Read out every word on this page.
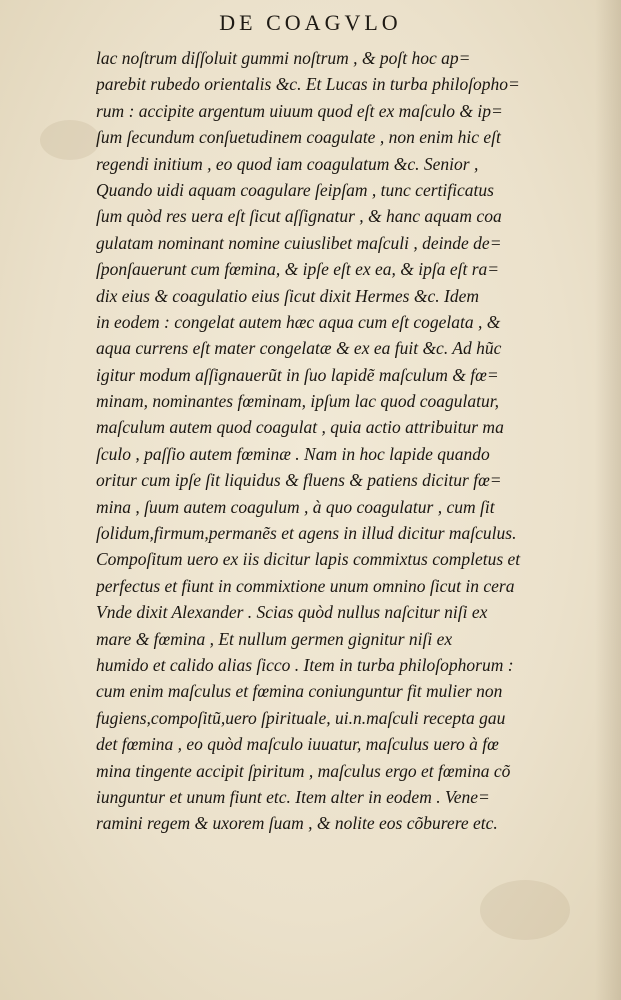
DE COAGVLO
lac noſtrum diſſoluit gummi noſtrum , & poſt hoc ap=
parebit rubedo orientalis &c. Et Lucas in turba philoſopho=
rum : accipite argentum uiuum quod eſt ex maſculo & ip=
ſum ſecundum conſuetudinem coagulate , non enim hic eſt
regendi initium , eo quod iam coagulatum &c. Senior ,
Quando uidi aquam coagulare ſeipſam , tunc certificatus
ſum quòd res uera eſt ſicut aſſignatur , & hanc aquam coa
gulatam nominant nomine cuiuslibet maſculi , deinde de=
ſponſauerunt cum fœmina, & ipſe eſt ex ea, & ipſa eſt ra=
dix eius & coagulatio eius ſicut dixit Hermes &c. Idem
in eodem : congelat autem hæc aqua cum eſt cogelata , &
aqua currens eſt mater congelatæ & ex ea fuit &c. Ad hũc
igitur modum aſſignauerũt in ſuo lapidẽ maſculum & fœ=
minam, nominantes fœminam, ipſum lac quod coagulatur,
maſculum autem quod coagulat , quia actio attribuitur ma
ſculo , paſſio autem fœminæ . Nam in hoc lapide quando
oritur cum ipſe ſit liquidus & fluens & patiens dicitur fœ=
mina , ſuum autem coagulum , à quo coagulatur , cum ſit
ſolidum,firmum,permanẽs et agens in illud dicitur maſculus.
Compoſitum uero ex iis dicitur lapis commixtus completus et
perfectus et fiunt in commixtione unum omnino ſicut in cera
Vnde dixit Alexander . Scias quòd nullus naſcitur niſi ex
mare & fœmina , Et nullum germen gignitur niſi ex
humido et calido alias ſicco . Item in turba philoſophorum :
cum enim maſculus et fœmina coniunguntur fit mulier non
fugiens,compoſitũ,uero ſpirituale, ui.n.maſculi recepta gau
det fœmina , eo quòd maſculo iuuatur, maſculus uero à fœ
mina tingente accipit ſpiritum , maſculus ergo et fœmina cõ
iunguntur et unum fiunt etc. Item alter in eodem . Vene=
ramini regem & uxorem ſuam , & nolite eos cõburere etc.
